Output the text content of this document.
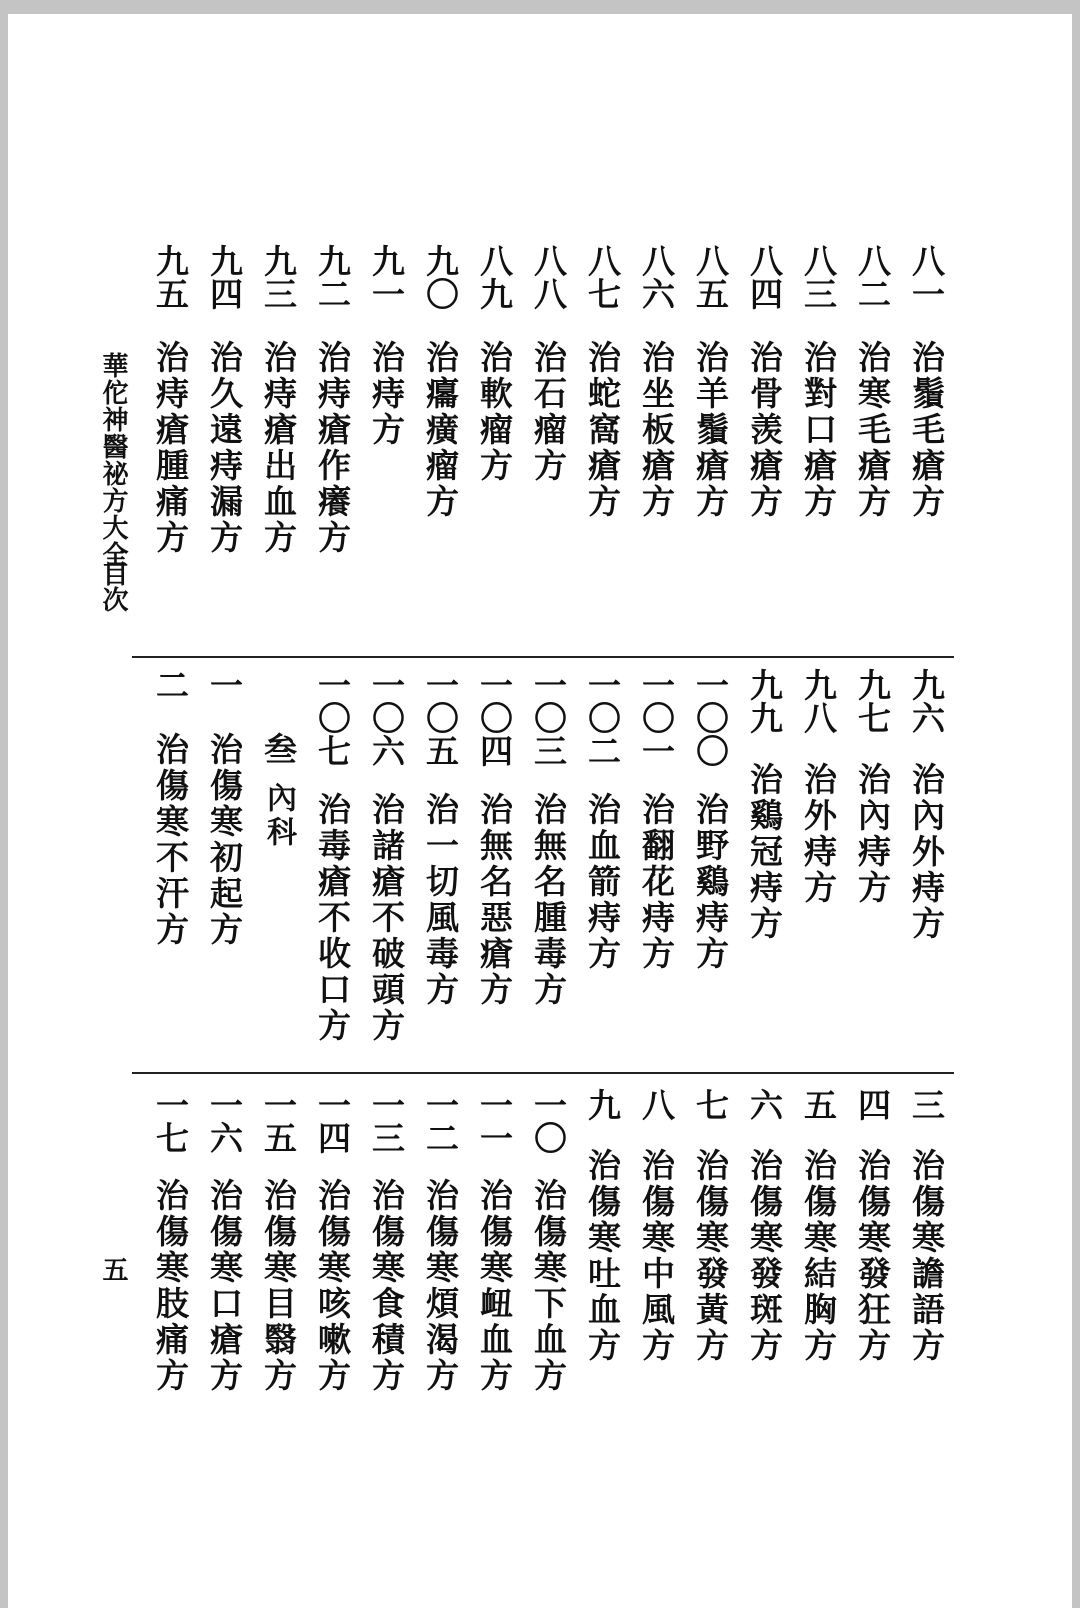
華佗神醫祕方大全
目次
五
八一
治鬚毛瘡方
八二
治寒毛瘡方
八三
治對口瘡方
八四
治骨羡瘡方
八五
治羊鬚瘡方
八六
治坐板瘡方
八七
治蛇窩瘡方
八八
治石瘤方
八九
治軟瘤方
九〇
治癟癀瘤方
九一
治痔方
九二
治痔瘡作癢方
九三
治痔瘡出血方
九四
治久遠痔漏方
九五
治痔瘡腫痛方
九六
治內外痔方
九七
治內痔方
九八
治外痔方
九九
治鷄冠痔方
一〇〇
治野鷄痔方
一〇一
治翻花痔方
一〇二
治血箭痔方
一〇三
治無名腫毒方
一〇四
治無名惡瘡方
一〇五
治一切風毒方
一〇六
治諸瘡不破頭方
一〇七
治毒瘡不收口方
叁
內科
一
治傷寒初起方
二
治傷寒不汗方
三
治傷寒譫語方
四
治傷寒發狂方
五
治傷寒結胸方
六
治傷寒發斑方
七
治傷寒發黃方
八
治傷寒中風方
九
治傷寒吐血方
一〇
治傷寒下血方
一一
治傷寒衄血方
一二
治傷寒煩渴方
一三
治傷寒食積方
一四
治傷寒咳嗽方
一五
治傷寒目翳方
一六
治傷寒口瘡方
一七
治傷寒肢痛方
